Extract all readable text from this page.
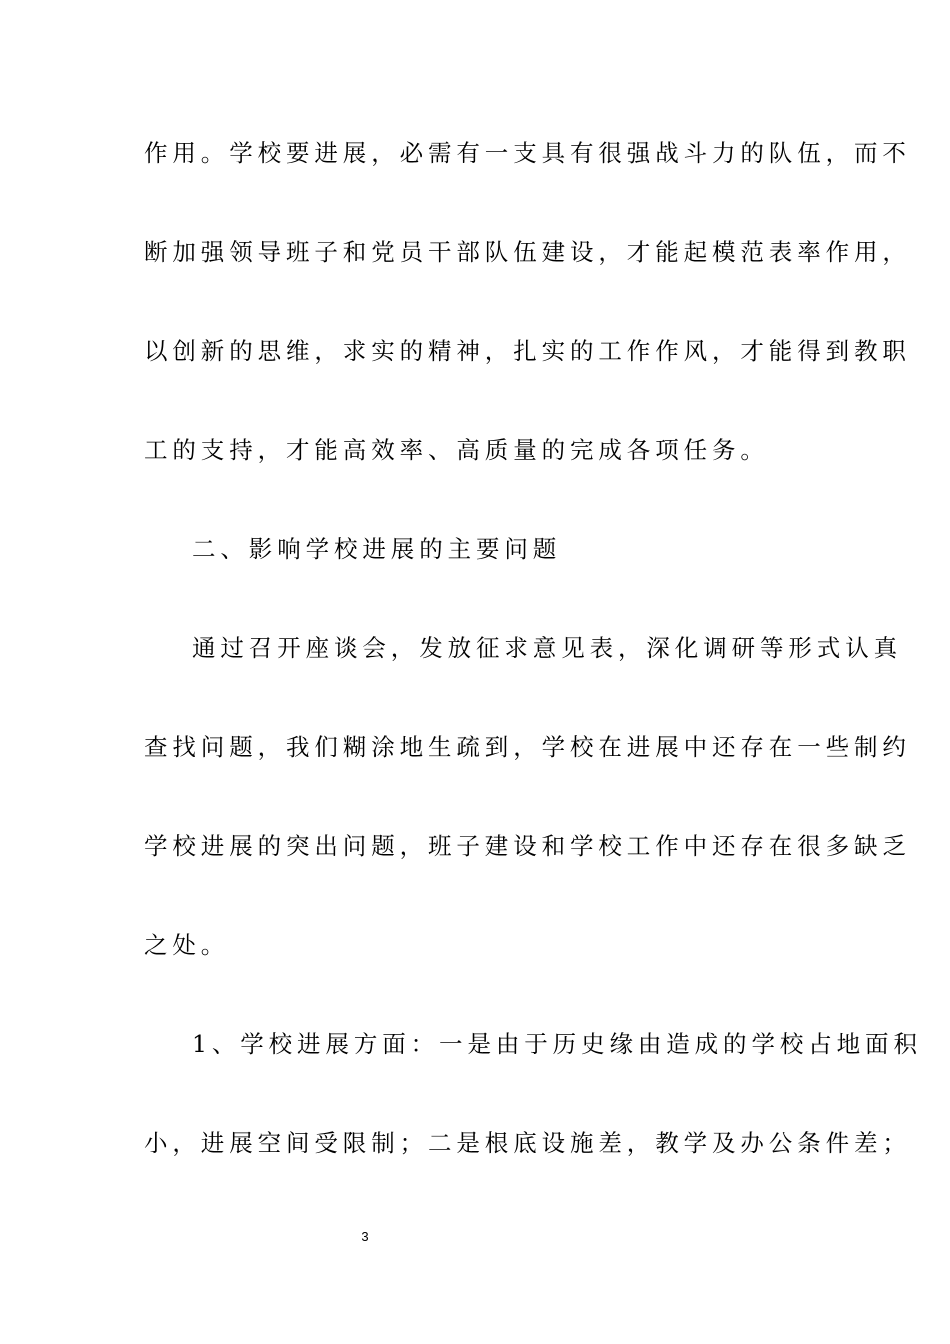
作用。学校要进展，必需有一支具有很强战斗力的队伍，而不
断加强领导班子和党员干部队伍建设，才能起模范表率作用，
以创新的思维，求实的精神，扎实的工作作风，才能得到教职
工的支持，才能高效率、高质量的完成各项任务。
二、影响学校进展的主要问题
通过召开座谈会，发放征求意见表，深化调研等形式认真
查找问题，我们糊涂地生疏到，学校在进展中还存在一些制约
学校进展的突出问题，班子建设和学校工作中还存在很多缺乏
之处。
1、学校进展方面：一是由于历史缘由造成的学校占地面积
小，进展空间受限制；二是根底设施差，教学及办公条件差；
3
